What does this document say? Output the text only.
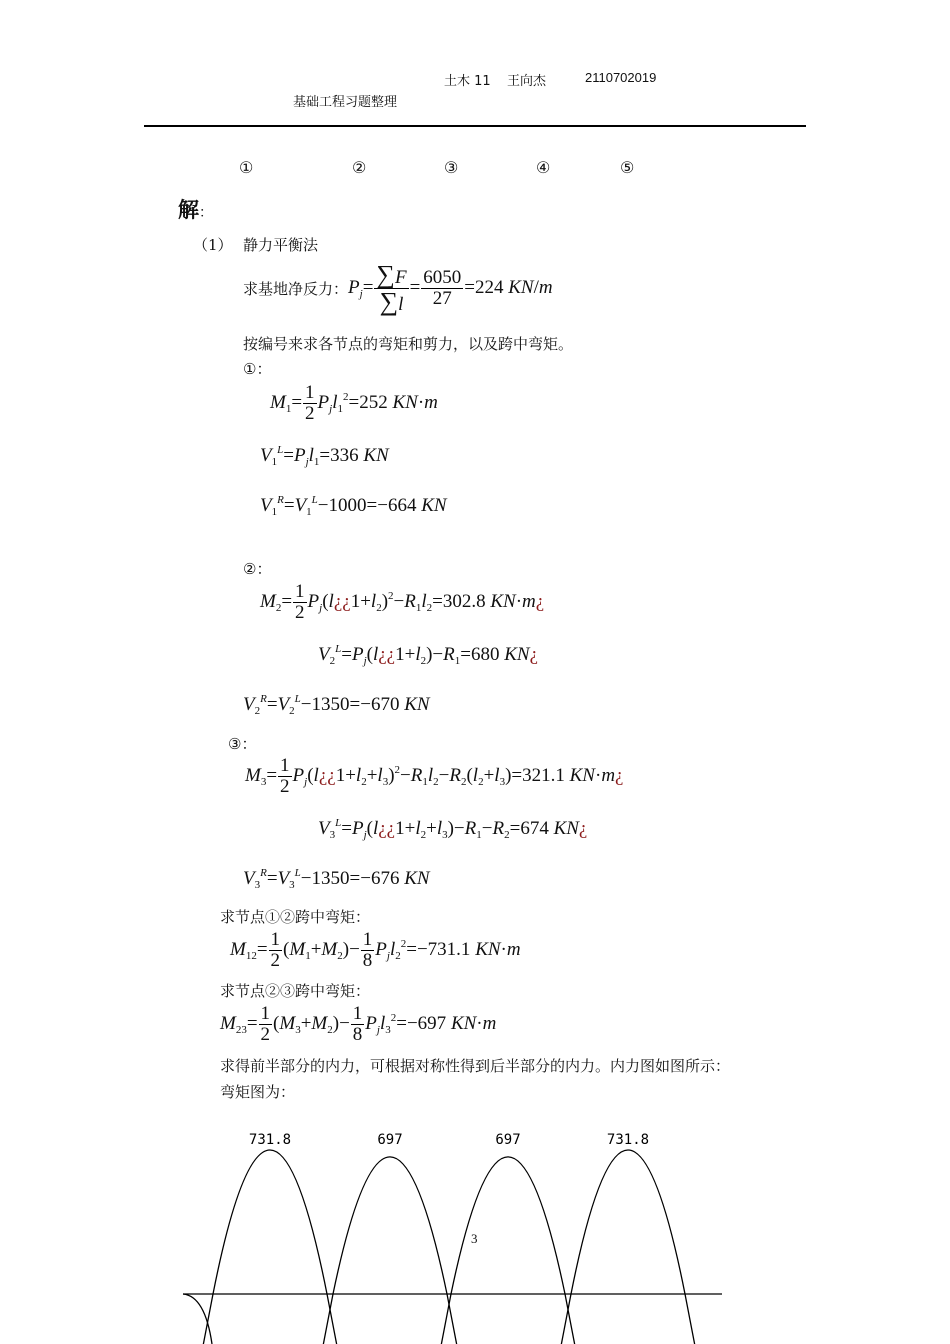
土木 11 王向杰	2110702019
基础工程习题整理
①	②	③	④	⑤
解：
（1） 静力平衡法
求基地净反力： $P_j= \frac{\sum F}{\sum l} = \frac{6050}{27} =224$ KN/m
按编号来求各节点的弯矩和剪力，以及跨中弯矩。
①：
$M_1= \frac{1}{2} P_jl_1^2=252$ KN·m
$V_1^L=P_jl_1=336$ KN
$V_1^R=V_1^L-1000=-664$ KN
②：
$M_2= \frac{1}{2}$ $P_j(l¿¿1+l_2)^2-R_1l_2=302.8$ KN·m¿
$V_2^L=P_j(l¿¿1+l_2)-R_1=680$ KN¿
$V_2^R=V_2^L-1350=-670$ KN
③：
$M_3= \frac{1}{2}$ $P_j(l¿¿1+l_2+l_3)^2-R_1l_2-R_2(l_2+l_3)=321.1$ KN·m¿
$V_3^L=P_j(l¿¿1+l_2+l_3)-R_1-R_2=674$ KN¿
$V_3^R=V_3^L-1350=-676$ KN
求节点①②跨中弯矩：
$M_{12}= \frac{1}{2} (M_1+M_2)- \frac{1}{8} P_jl_2^2=-731.1$ KN·m
求节点②③跨中弯矩：
$M_{23}= \frac{1}{2} (M_3+M_2)- \frac{1}{8} P_jl_3^2=-697$ KN·m
求得前半部分的内力，可根据对称性得到后半部分的内力。内力图如图所示：
弯矩图为：
731.8	697	697	731.8
3
